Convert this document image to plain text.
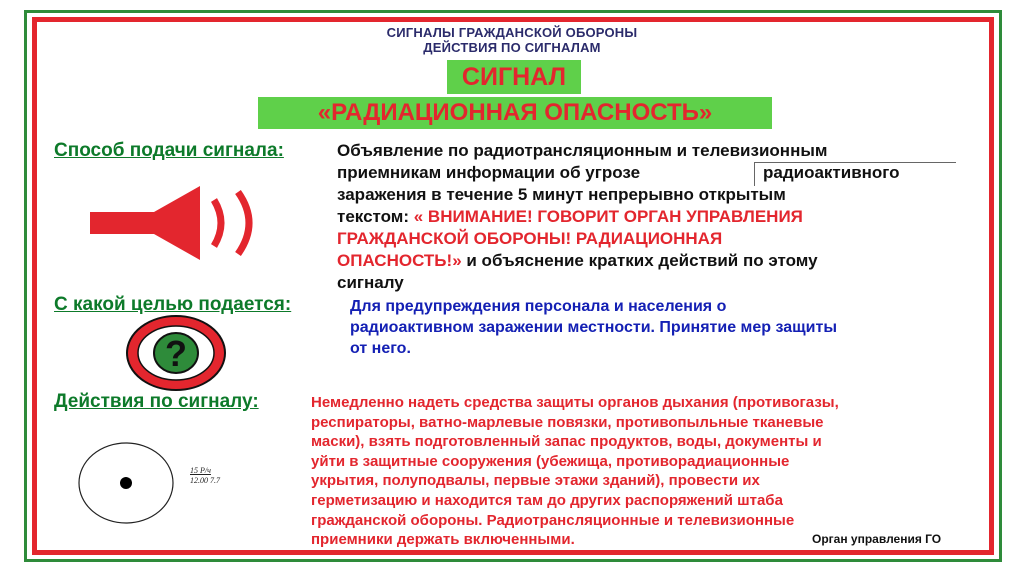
СИГНАЛЫ ГРАЖДАНСКОЙ ОБОРОНЫ
ДЕЙСТВИЯ ПО СИГНАЛАМ
СИГНАЛ
«РАДИАЦИОННАЯ ОПАСНОСТЬ»
Способ подачи сигнала:	Объявление по радиотрансляционным и телевизионным
приемникам информации об угрозе	радиоактивного
заражения в течение 5 минут непрерывно открытым
текстом: « ВНИМАНИЕ! ГОВОРИТ ОРГАН УПРАВЛЕНИЯ
ГРАЖДАНСКОЙ ОБОРОНЫ! РАДИАЦИОННАЯ
ОПАСНОСТЬ!» и объяснение кратких действий по этому
сигналу
С какой целью подается:	Для предупреждения персонала и населения о
радиоактивном заражении местности. Принятие мер защиты
от него.
?
Действия по сигналу:	Немедленно надеть средства защиты органов дыхания (противогазы,
респираторы, ватно-марлевые повязки, противопыльные тканевые
маски), взять подготовленный запас продуктов, воды, документы и
уйти в защитные сооружения (убежища, противорадиационные
укрытия, полуподвалы, первые этажи зданий), провести их
герметизацию и находится там до других распоряжений штаба
гражданской обороны. Радиотрансляционные и телевизионные
приемники держать включенными.
15 Р/ч
12.00 7.7
Орган управления ГО
